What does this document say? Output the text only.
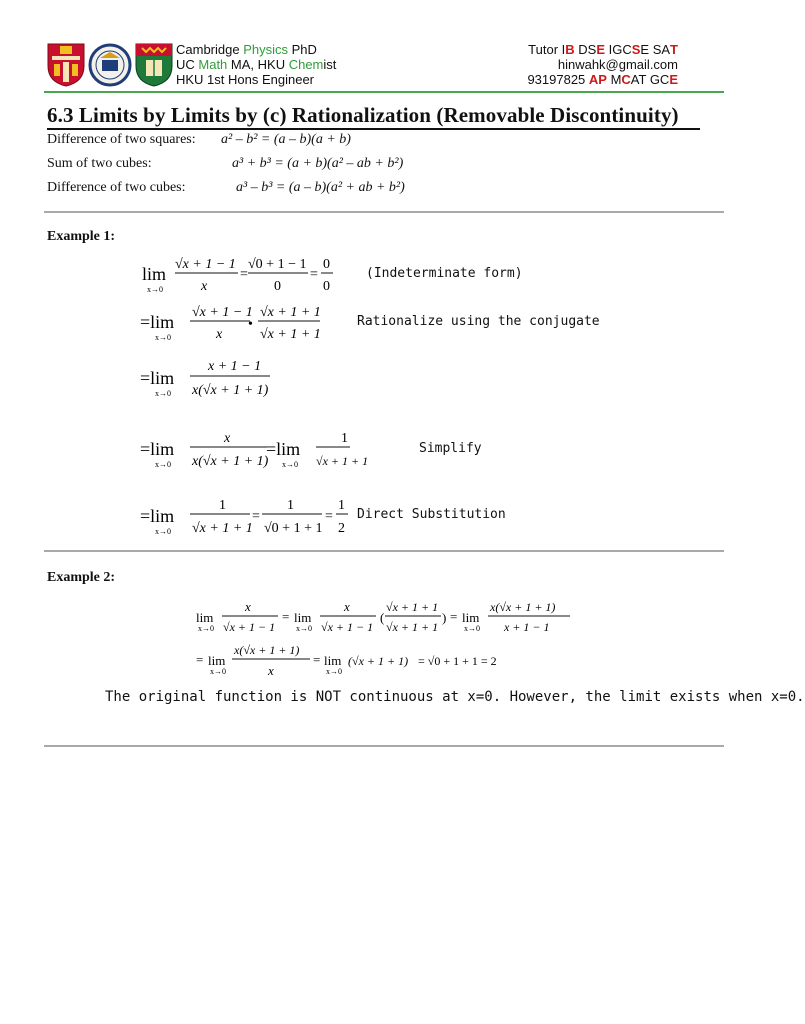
Cambridge Physics PhD
UC Math MA, HKU Chemist
HKU 1st Hons Engineer
Tutor IB DSE IGCSE SAT
hinwahk@gmail.com
93197825 AP MCAT GCE
6.3 Limits by Limits by (c) Rationalization (Removable Discontinuity)
Difference of two squares: a² – b² = (a – b)(a + b)
Sum of two cubes:	a³ + b³ = (a + b)(a² – ab + b²)
Difference of two cubes:	a³ – b³ = (a – b)(a² + ab + b²)
Example 1:
lim
x→0
√x + 1 − 1
x
=
√0 + 1 − 1
0
=
0
0
=lim
x→0
√x + 1 − 1
x
•
√x + 1 + 1
√x + 1 + 1
=lim
x→0
x + 1 − 1
x(√x + 1 + 1)
=lim
x→0
x
x(√x + 1 + 1)
=lim
x→0
1
√x + 1 + 1
=lim
x→0
1
√x + 1 + 1
=
1
√0 + 1 + 1
=
1
2
(Indeterminate form)
Rationalize using the conjugate
Simplify
Direct Substitution
Example 2:
lim
x→0
x
√x + 1 − 1
= lim
x→0
x
√x + 1 − 1
(
√x + 1 + 1
√x + 1 + 1
) = lim
x→0
x(√x + 1 + 1)
x + 1 − 1
= lim
x→0
x(√x + 1 + 1)
x
= lim
x→0
(√x + 1 + 1) = √0 + 1 + 1 = 2
The original function is NOT continuous at x=0. However, the limit exists when x=0.
